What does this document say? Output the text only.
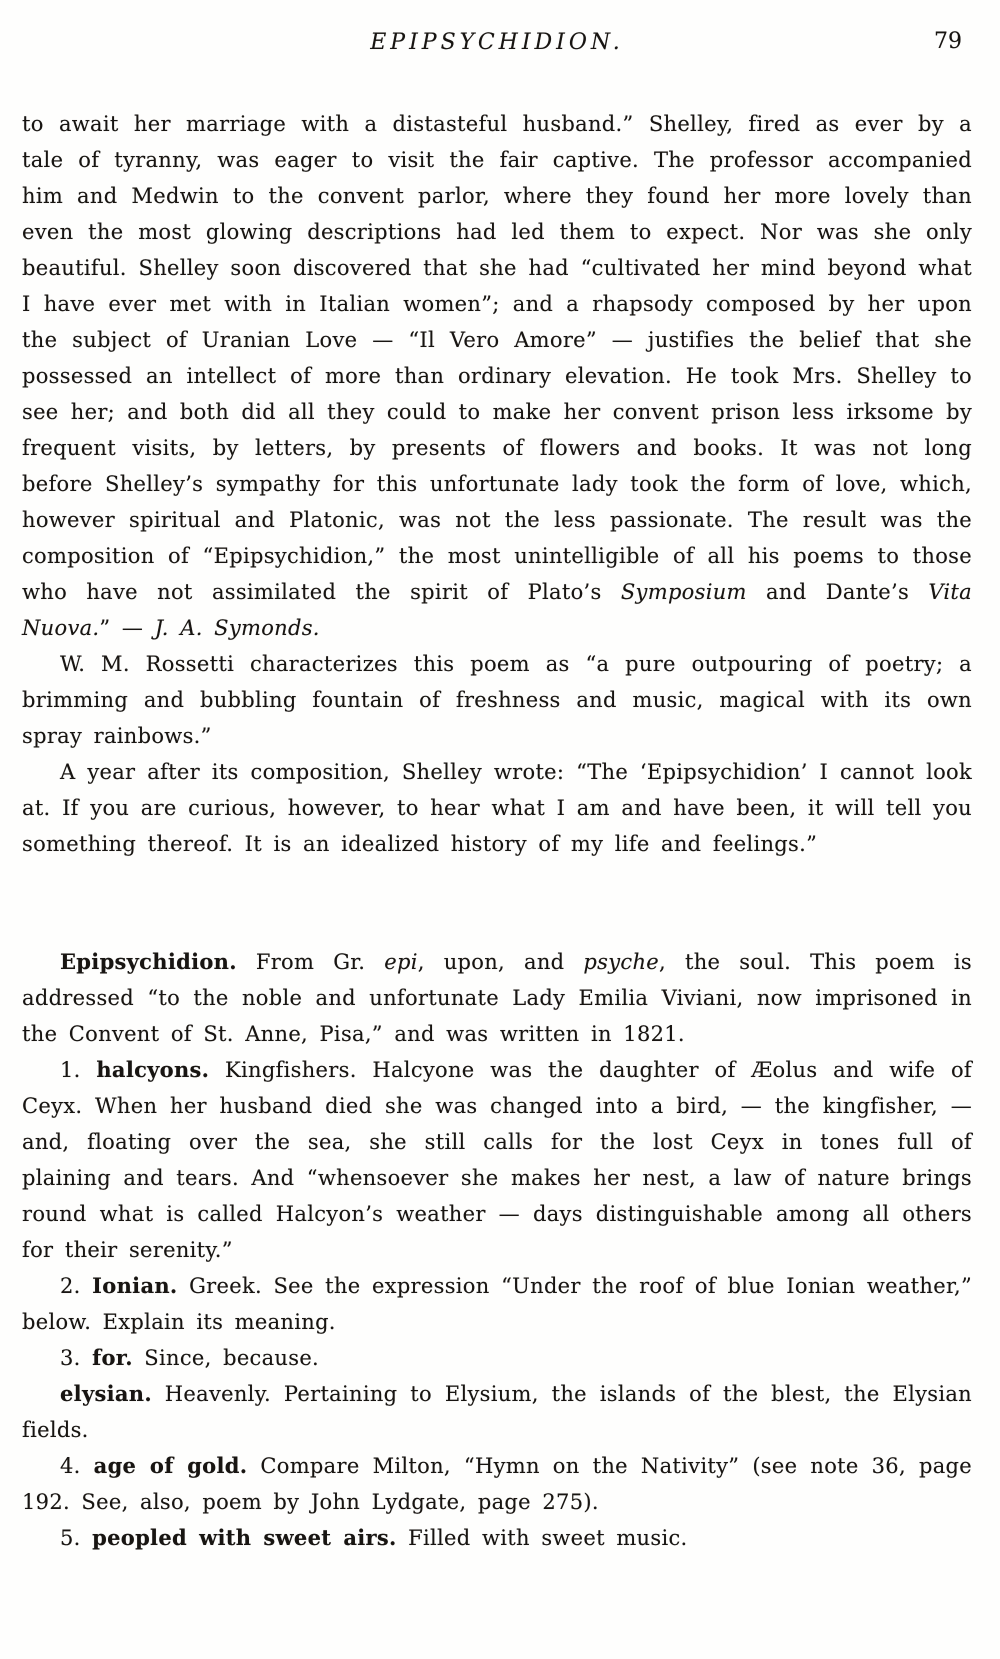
EPIPSYCHIDION.	79

to await her marriage with a distasteful husband.” Shelley, fired as ever by a tale of tyranny, was eager to visit the fair captive. The professor accompanied him and Medwin to the convent parlor, where they found her more lovely than even the most glowing descriptions had led them to expect. Nor was she only beautiful. Shelley soon discovered that she had “cultivated her mind beyond what I have ever met with in Italian women”; and a rhapsody composed by her upon the subject of Uranian Love — “Il Vero Amore” — justifies the belief that she possessed an intellect of more than ordinary elevation. He took Mrs. Shelley to see her; and both did all they could to make her convent prison less irksome by frequent visits, by letters, by presents of flowers and books. It was not long before Shelley’s sympathy for this unfortunate lady took the form of love, which, however spiritual and Platonic, was not the less passionate. The result was the composition of “Epipsychidion,” the most unintelligible of all his poems to those who have not assimilated the spirit of Plato’s Symposium and Dante’s Vita Nuova.” — J. A. Symonds.

W. M. Rossetti characterizes this poem as “a pure outpouring of poetry; a brimming and bubbling fountain of freshness and music, magical with its own spray rainbows.”

A year after its composition, Shelley wrote: “The ‘Epipsychidion’ I cannot look at. If you are curious, however, to hear what I am and have been, it will tell you something thereof. It is an idealized history of my life and feelings.”

Epipsychidion. From Gr. epi, upon, and psyche, the soul. This poem is addressed “to the noble and unfortunate Lady Emilia Viviani, now imprisoned in the Convent of St. Anne, Pisa,” and was written in 1821.

1. halcyons. Kingfishers. Halcyone was the daughter of Æolus and wife of Ceyx. When her husband died she was changed into a bird, — the kingfisher, — and, floating over the sea, she still calls for the lost Ceyx in tones full of plaining and tears. And “whensoever she makes her nest, a law of nature brings round what is called Halcyon’s weather — days distinguishable among all others for their serenity.”

2. Ionian. Greek. See the expression “Under the roof of blue Ionian weather,” below. Explain its meaning.

3. for. Since, because.

elysian. Heavenly. Pertaining to Elysium, the islands of the blest, the Elysian fields.

4. age of gold. Compare Milton, “Hymn on the Nativity” (see note 36, page 192. See, also, poem by John Lydgate, page 275).

5. peopled with sweet airs. Filled with sweet music.
